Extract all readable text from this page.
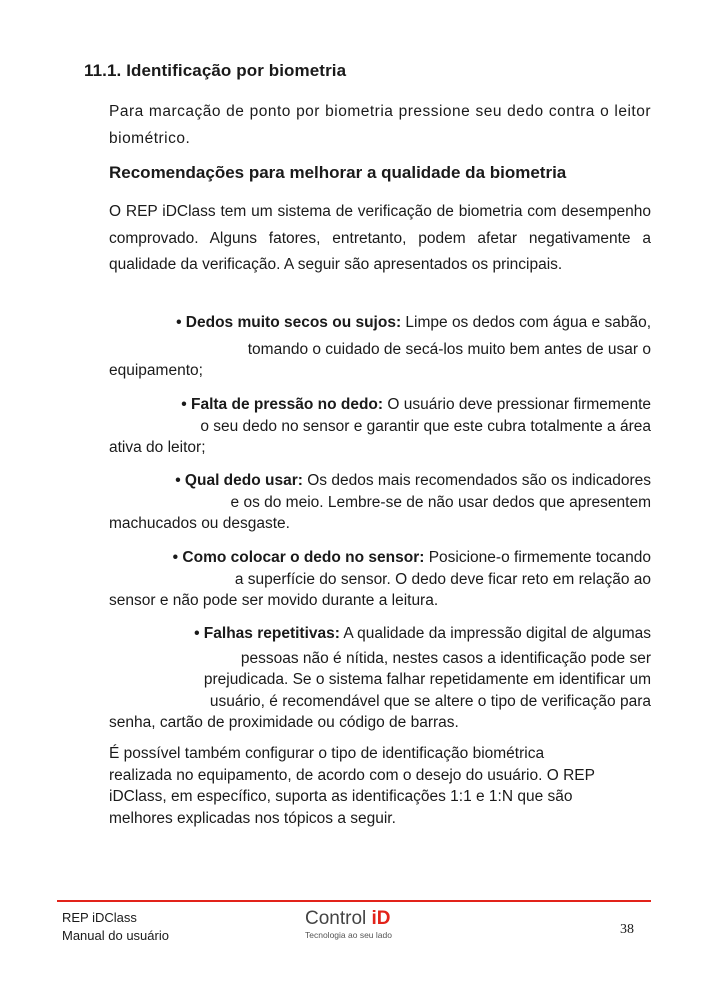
11.1. Identificação por biometria
Para marcação de ponto por biometria pressione seu dedo contra o leitor biométrico.
Recomendações para melhorar a qualidade da biometria
O REP iDClass tem um sistema de verificação de biometria com desempenho comprovado. Alguns fatores, entretanto, podem afetar negativamente a qualidade da verificação. A seguir são apresentados os principais.
• Dedos muito secos ou sujos: Limpe os dedos com água e sabão,
tomando o cuidado de secá-los muito bem antes de usar o
equipamento;
• Falta de pressão no dedo: O usuário deve pressionar firmemente
o seu dedo no sensor e garantir que este cubra totalmente a área
ativa do leitor;
• Qual dedo usar: Os dedos mais recomendados são os indicadores
e os do meio. Lembre-se de não usar dedos que apresentem
machucados ou desgaste.
• Como colocar o dedo no sensor: Posicione-o firmemente tocando
a superfície do sensor. O dedo deve ficar reto em relação ao
sensor e não pode ser movido durante a leitura.
• Falhas repetitivas: A qualidade da impressão digital de algumas
pessoas não é nítida, nestes casos a identificação pode ser
prejudicada. Se o sistema falhar repetidamente em identificar um
usuário, é recomendável que se altere o tipo de verificação para
senha, cartão de proximidade ou código de barras.
É possível também configurar o tipo de identificação biométrica
realizada no equipamento, de acordo com o desejo do usuário. O REP
iDClass, em específico, suporta as identificações 1:1 e 1:N que são
melhores explicadas nos tópicos a seguir.
REP iDClass
Manual do usuário
Control iD
Tecnologia ao seu lado	38
